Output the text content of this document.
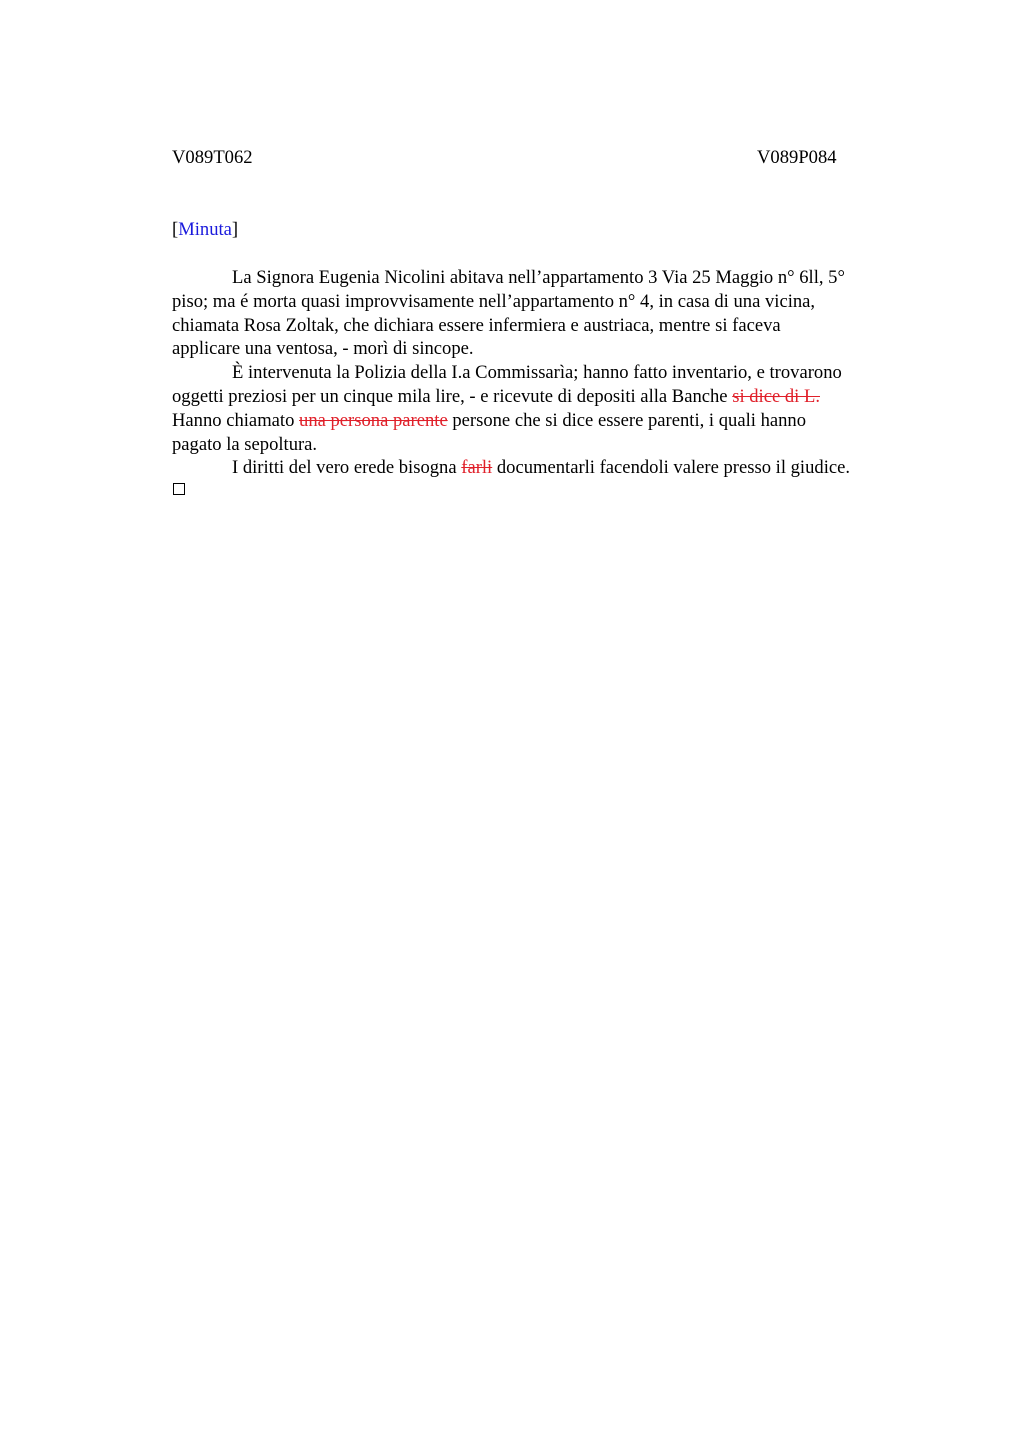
V089T062	V089P084
[Minuta]
La Signora Eugenia Nicolini abitava nell’appartamento 3 Via 25 Maggio n° 6ll, 5°
piso; ma é morta quasi improvvisamente nell’appartamento n° 4, in casa di una vicina,
chiamata Rosa Zoltak, che dichiara essere infermiera e austriaca, mentre si faceva
applicare una ventosa, - morì di sincope.
È intervenuta la Polizia della I.a Commissarìa; hanno fatto inventario, e trovarono
oggetti preziosi per un cinque mila lire, - e ricevute di depositi alla Banche si dice di L.
Hanno chiamato una persona parente persone che si dice essere parenti, i quali hanno
pagato la sepoltura.
I diritti del vero erede bisogna farli documentarli facendoli valere presso il giudice.
